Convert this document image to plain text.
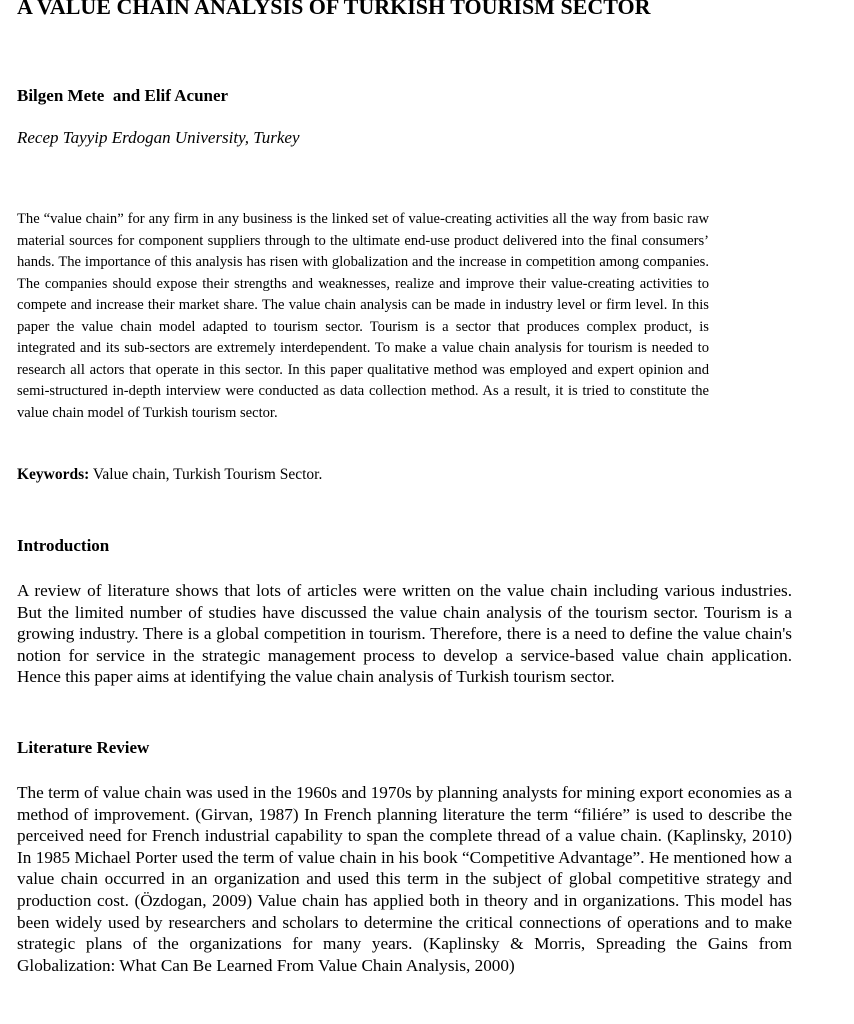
A VALUE CHAIN ANALYSIS OF TURKISH TOURISM SECTOR

Bilgen Mete  and Elif Acuner

Recep Tayyip Erdogan University, Turkey

The “value chain” for any firm in any business is the linked set of value-creating activities all the way from basic raw material sources for component suppliers through to the ultimate end-use product delivered into the final consumers’ hands. The importance of this analysis has risen with globalization and the increase in competition among companies. The companies should expose their strengths and weaknesses, realize and improve their value-creating activities to compete and increase their market share. The value chain analysis can be made in industry level or firm level. In this paper the value chain model adapted to tourism sector. Tourism is a sector that produces complex product, is integrated and its sub-sectors are extremely interdependent. To make a value chain analysis for tourism is needed to research all actors that operate in this sector. In this paper qualitative method was employed and expert opinion and semi-structured in-depth interview were conducted as data collection method. As a result, it is tried to constitute the value chain model of Turkish tourism sector.

Keywords: Value chain, Turkish Tourism Sector.

Introduction

A review of literature shows that lots of articles were written on the value chain including various industries. But the limited number of studies have discussed the value chain analysis of the tourism sector. Tourism is a growing industry. There is a global competition in tourism. Therefore, there is a need to define the value chain's notion for service in the strategic management process to develop a service-based value chain application. Hence this paper aims at identifying the value chain analysis of Turkish tourism sector.

Literature Review

The term of value chain was used in the 1960s and 1970s by planning analysts for mining export economies as a method of improvement. (Girvan, 1987) In French planning literature the term “filiére” is used to describe the perceived need for French industrial capability to span the complete thread of a value chain. (Kaplinsky, 2010) In 1985 Michael Porter used the term of value chain in his book “Competitive Advantage”. He mentioned how a value chain occurred in an organization and used this term in the subject of global competitive strategy and production cost. (Özdogan, 2009) Value chain has applied both in theory and in organizations. This model has been widely used by researchers and scholars to determine the critical connections of operations and to make strategic plans of the organizations for many years. (Kaplinsky & Morris, Spreading the Gains from Globalization: What Can Be Learned From Value Chain Analysis, 2000)
